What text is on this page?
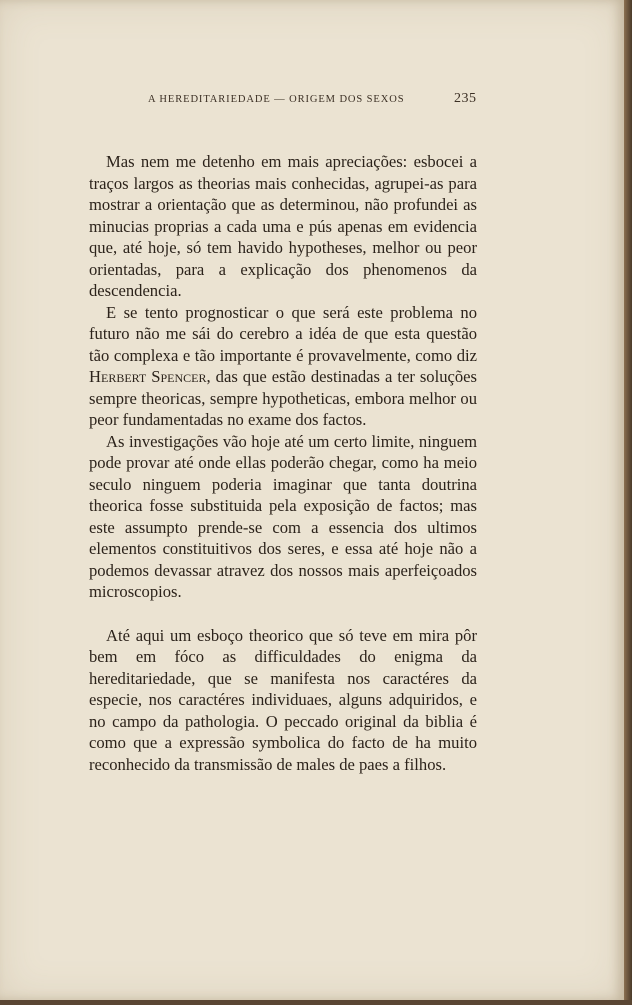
A HEREDITARIEDADE — ORIGEM DOS SEXOS	235

Mas nem me detenho em mais apreciações: esbocei a traços largos as theorias mais conhecidas, agrupei-as para mostrar a orientação que as determinou, não profundei as minucias proprias a cada uma e pús apenas em evidencia que, até hoje, só tem havido hypotheses, melhor ou peor orientadas, para a explicação dos phenomenos da descendencia.

E se tento prognosticar o que será este problema no futuro não me sái do cerebro a idéa de que esta questão tão complexa e tão importante é provavelmente, como diz Herbert Spencer, das que estão destinadas a ter soluções sempre theoricas, sempre hypotheticas, embora melhor ou peor fundamentadas no exame dos factos.

As investigações vão hoje até um certo limite, ninguem pode provar até onde ellas poderão chegar, como ha meio seculo ninguem poderia imaginar que tanta doutrina theorica fosse substituida pela exposição de factos; mas este assumpto prende-se com a essencia dos ultimos elementos constituitivos dos seres, e essa até hoje não a podemos devassar atravez dos nossos mais aperfeiçoados microscopios.

Até aqui um esboço theorico que só teve em mira pôr bem em fóco as difficuldades do enigma da hereditariedade, que se manifesta nos caractéres da especie, nos caractéres individuaes, alguns adquiridos, e no campo da pathologia. O peccado original da biblia é como que a expressão symbolica do facto de ha muito reconhecido da transmissão de males de paes a filhos.
